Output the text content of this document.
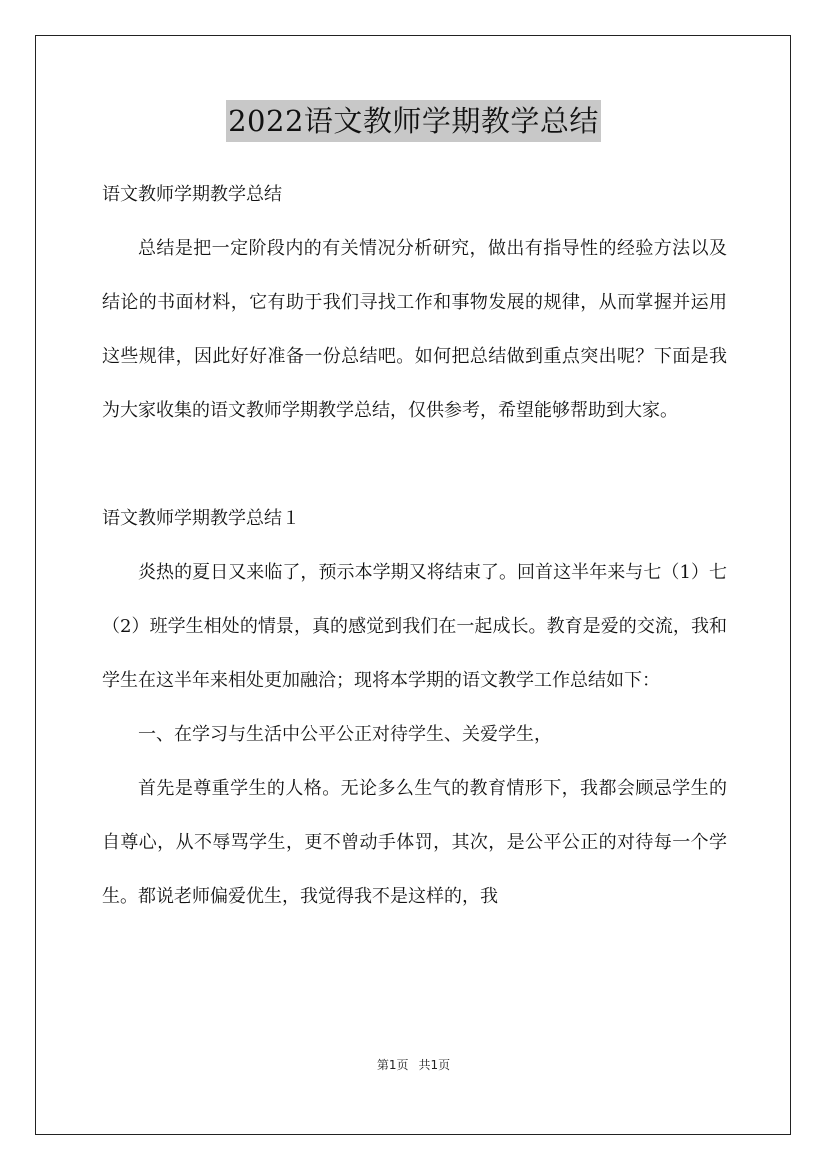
2022语文教师学期教学总结

语文教师学期教学总结

总结是把一定阶段内的有关情况分析研究，做出有指导性的经验方法以及结论的书面材料，它有助于我们寻找工作和事物发展的规律，从而掌握并运用这些规律，因此好好准备一份总结吧。如何把总结做到重点突出呢？下面是我为大家收集的语文教师学期教学总结，仅供参考，希望能够帮助到大家。

语文教师学期教学总结１

炎热的夏日又来临了，预示本学期又将结束了。回首这半年来与七（1）七（2）班学生相处的情景，真的感觉到我们在一起成长。教育是爱的交流，我和学生在这半年来相处更加融洽；现将本学期的语文教学工作总结如下：

一、在学习与生活中公平公正对待学生、关爱学生，

首先是尊重学生的人格。无论多么生气的教育情形下，我都会顾忌学生的自尊心，从不辱骂学生，更不曾动手体罚，其次，是公平公正的对待每一个学生。都说老师偏爱优生，我觉得我不是这样的，我

第1页 共1页
